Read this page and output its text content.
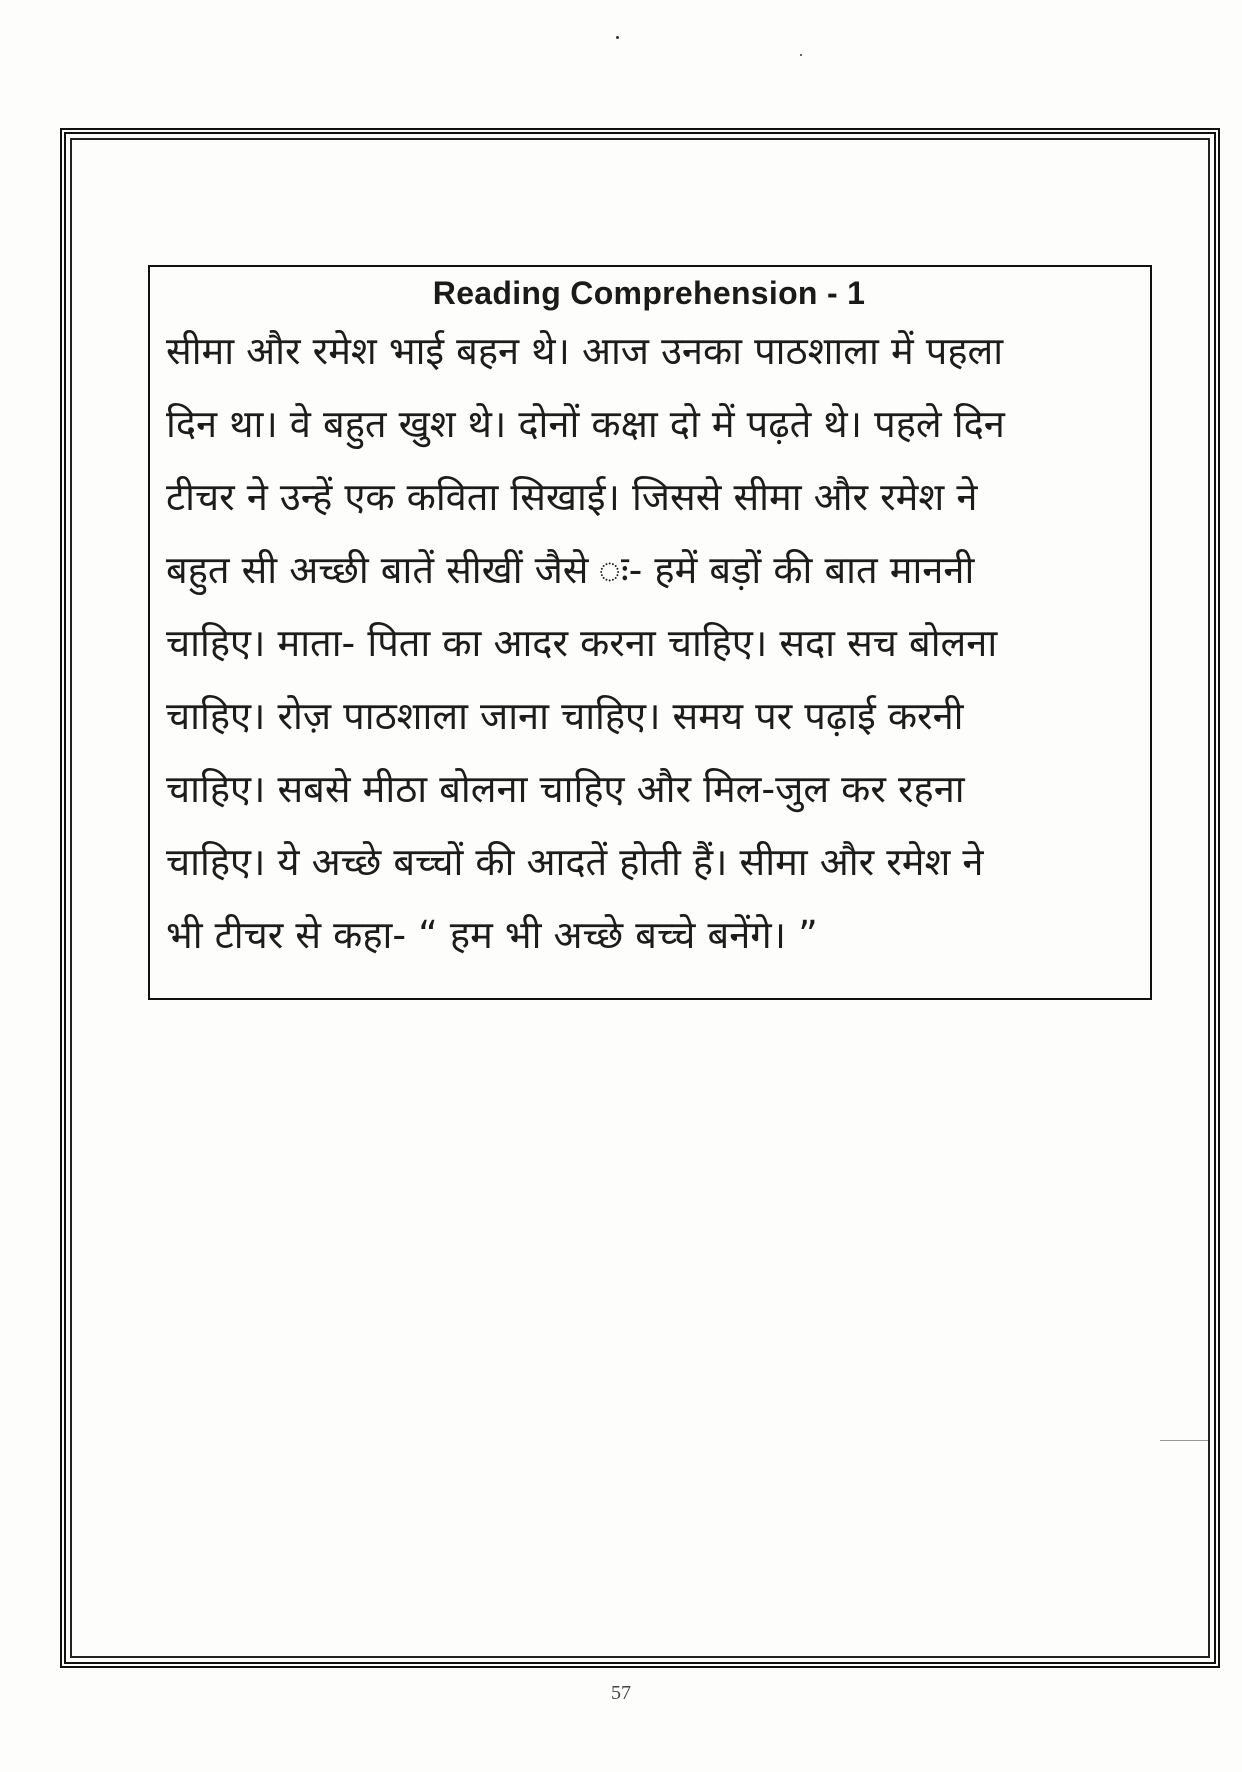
Reading Comprehension - 1
सीमा और रमेश भाई बहन थे। आज उनका पाठशाला में पहला
दिन था। वे बहुत खुश थे। दोनों कक्षा दो में पढ़ते थे। पहले दिन
टीचर ने उन्हें एक कविता सिखाई। जिससे सीमा और रमेश ने
बहुत सी अच्छी बातें सीखीं जैसे ः- हमें बड़ों की बात माननी
चाहिए। माता- पिता का आदर करना चाहिए। सदा सच बोलना
चाहिए। रोज़ पाठशाला जाना चाहिए। समय पर पढ़ाई करनी
चाहिए। सबसे मीठा बोलना चाहिए और मिल-जुल कर रहना
चाहिए। ये अच्छे बच्चों की आदतें होती हैं। सीमा और रमेश ने
भी टीचर से कहा- “ हम भी अच्छे बच्चे बनेंगे। ”
57
